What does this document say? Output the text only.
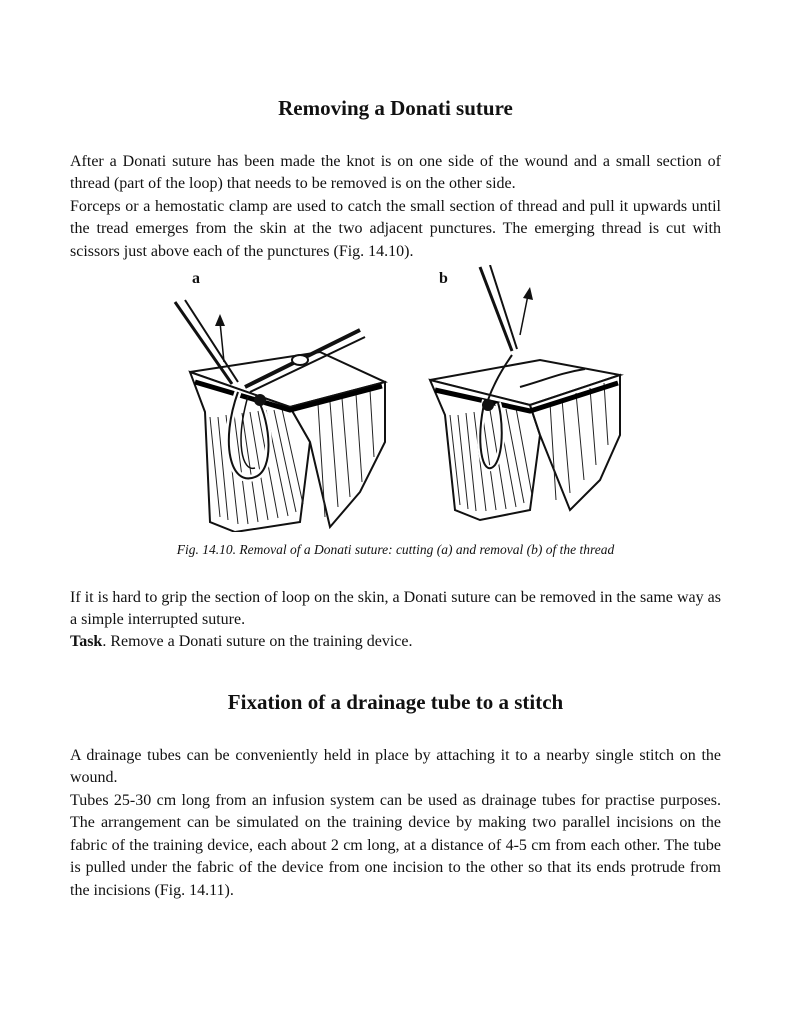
Removing a Donati suture

After a Donati suture has been made the knot is on one side of the wound and a small section of thread (part of the loop) that needs to be removed is on the other side.

Forceps or a hemostatic clamp are used to catch the small section of thread and pull it upwards until the tread emerges from the skin at the two adjacent punctures. The emerging thread is cut with scissors just above each of the punctures (Fig. 14.10).

a	b
Fig. 14.10. Removal of a Donati suture: cutting (a) and removal (b) of the thread

If it is hard to grip the section of loop on the skin, a Donati suture can be removed in the same way as a simple interrupted suture.

Task. Remove a Donati suture on the training device.

Fixation of a drainage tube to a stitch

A drainage tubes can be conveniently held in place by attaching it to a nearby single stitch on the wound.

Tubes 25-30 cm long from an infusion system can be used as drainage tubes for practise purposes. The arrangement can be simulated on the training device by making two parallel incisions on the fabric of the training device, each about 2 cm long, at a distance of 4-5 cm from each other. The tube is pulled under the fabric of the device from one incision to the other so that its ends protrude from the incisions (Fig. 14.11).
